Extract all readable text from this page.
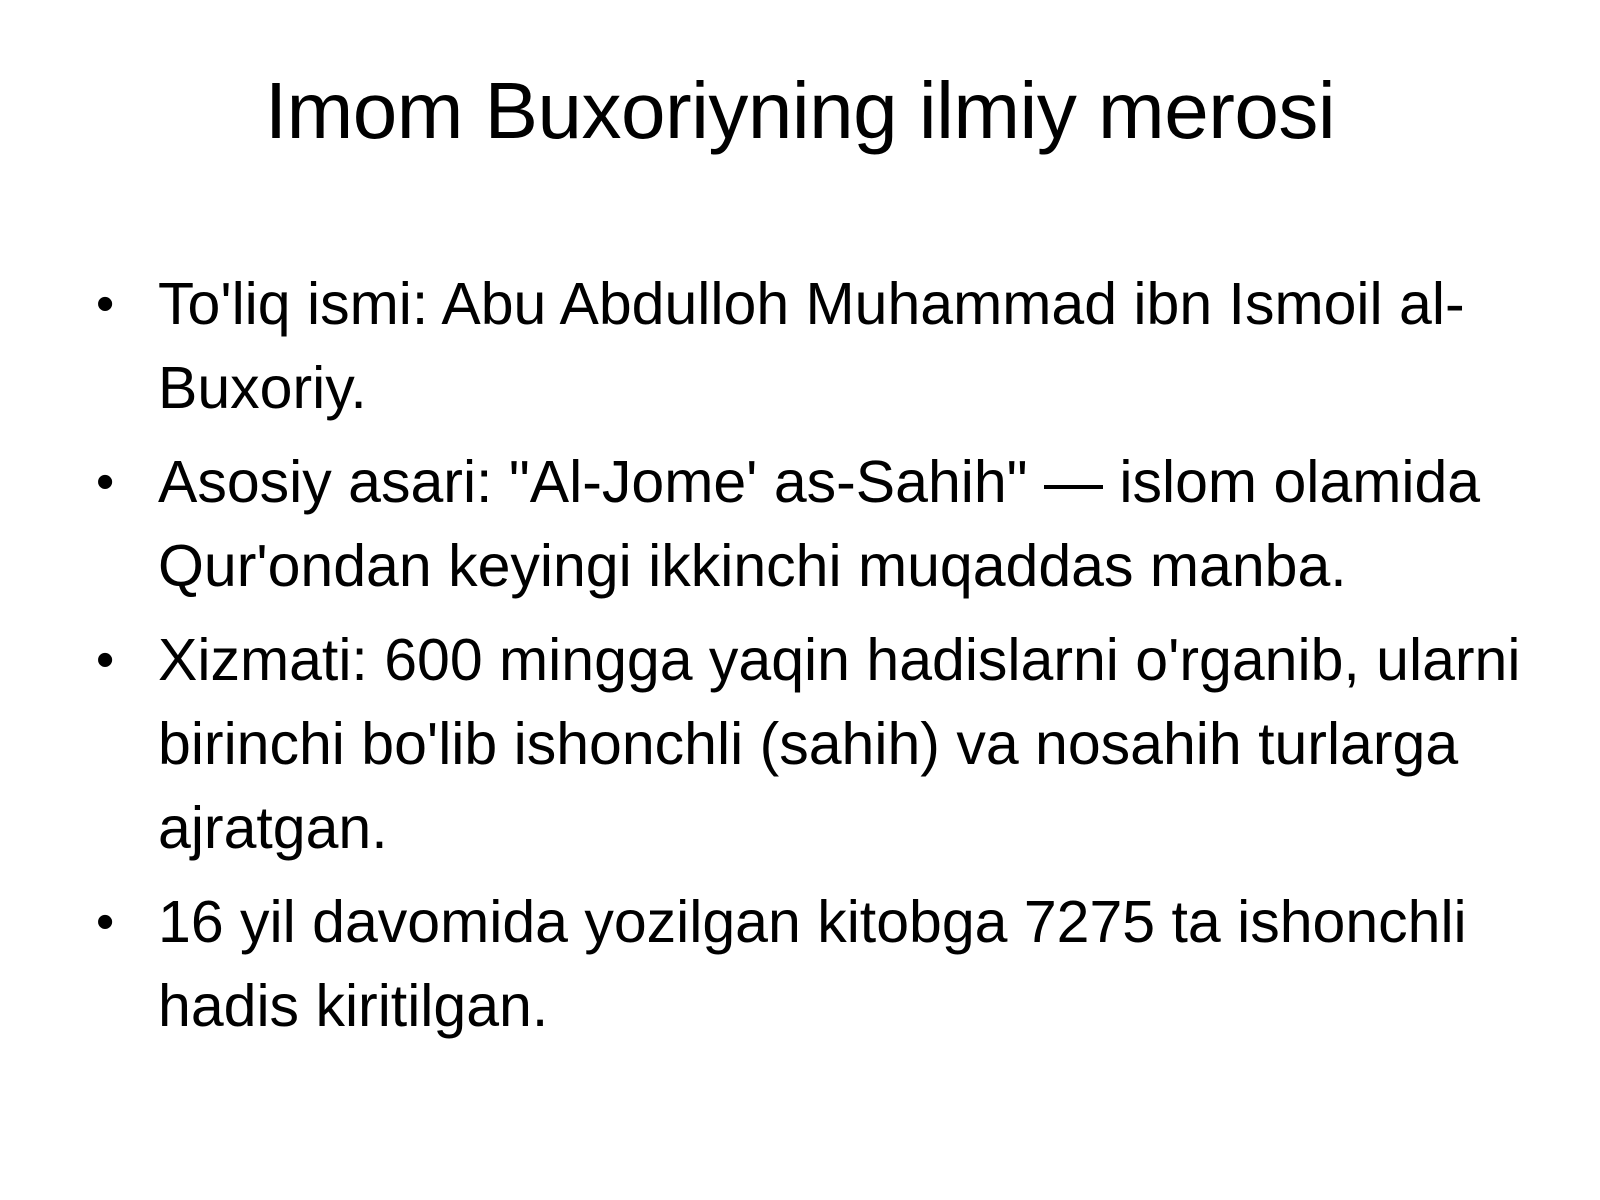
Imom Buxoriyning ilmiy merosi
• To'liq ismi: Abu Abdulloh Muhammad ibn Ismoil al-Buxoriy.
• Asosiy asari: "Al-Jome' as-Sahih" — islom olamida Qur'ondan keyingi ikkinchi muqaddas manba.
• Xizmati: 600 mingga yaqin hadislarni o'rganib, ularni birinchi bo'lib ishonchli (sahih) va nosahih turlarga ajratgan.
• 16 yil davomida yozilgan kitobga 7275 ta ishonchli hadis kiritilgan.
